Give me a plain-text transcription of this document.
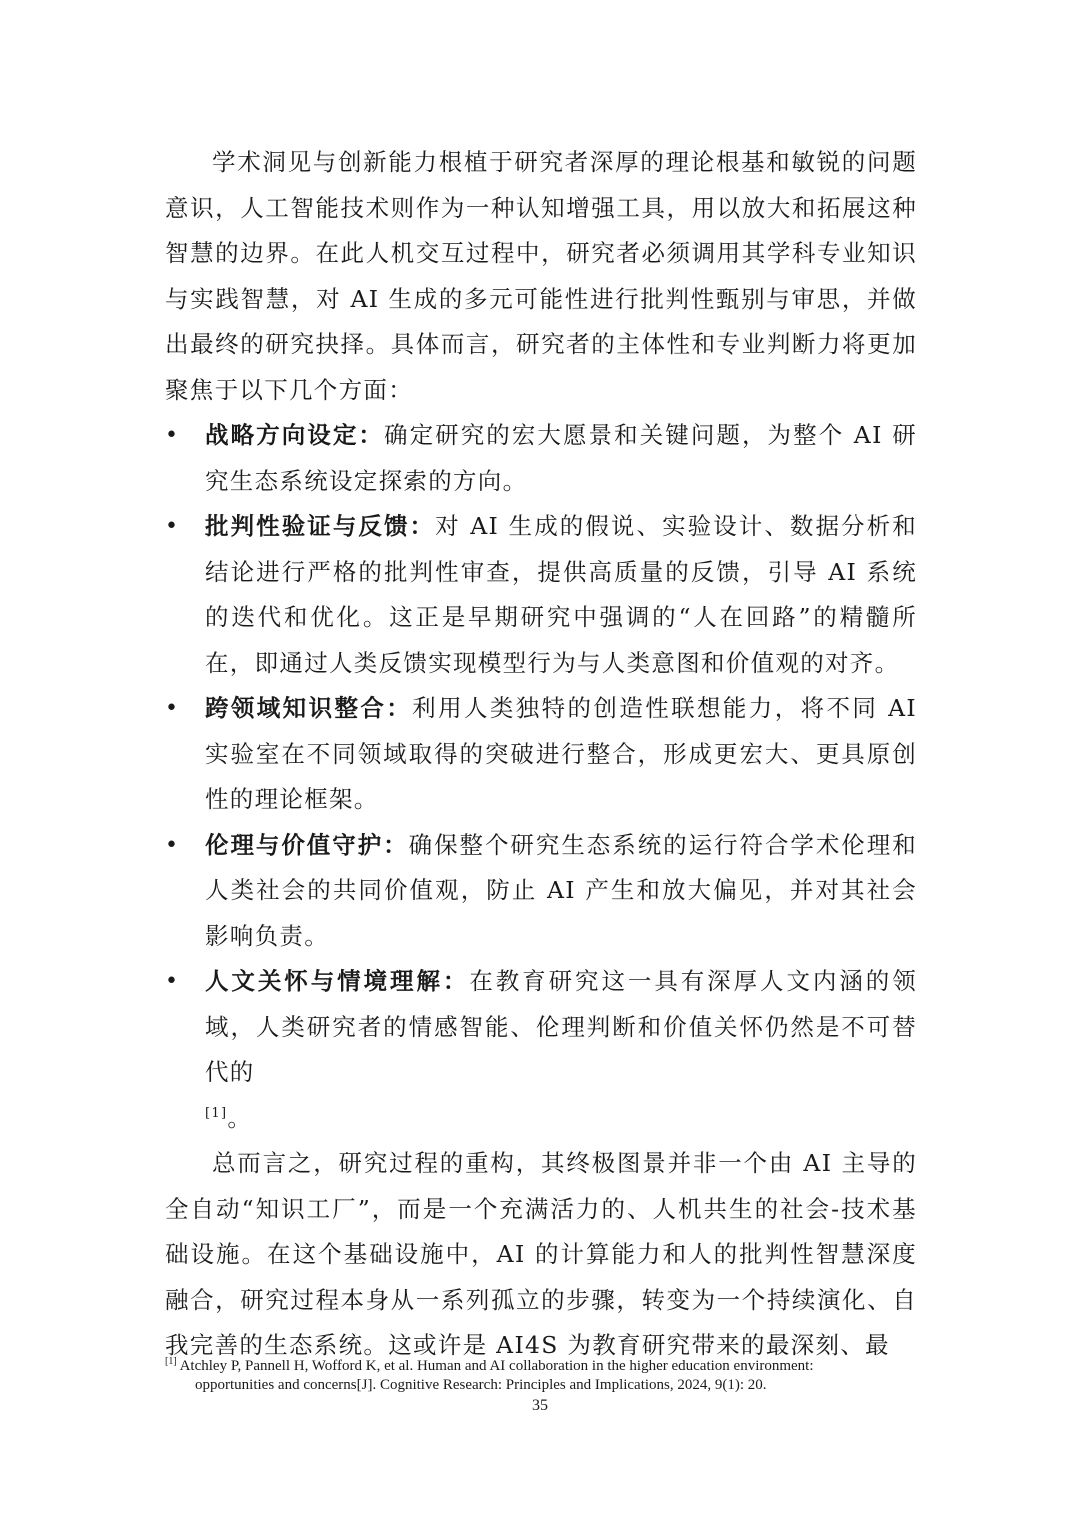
学术洞见与创新能力根植于研究者深厚的理论根基和敏锐的问题意识，人工智能技术则作为一种认知增强工具，用以放大和拓展这种智慧的边界。在此人机交互过程中，研究者必须调用其学科专业知识与实践智慧，对 AI 生成的多元可能性进行批判性甄别与审思，并做出最终的研究抉择。具体而言，研究者的主体性和专业判断力将更加聚焦于以下几个方面：

• 战略方向设定：确定研究的宏大愿景和关键问题，为整个 AI 研究生态系统设定探索的方向。
• 批判性验证与反馈：对 AI 生成的假说、实验设计、数据分析和结论进行严格的批判性审查，提供高质量的反馈，引导 AI 系统的迭代和优化。这正是早期研究中强调的“人在回路”的精髓所在，即通过人类反馈实现模型行为与人类意图和价值观的对齐。
• 跨领域知识整合：利用人类独特的创造性联想能力，将不同 AI 实验室在不同领域取得的突破进行整合，形成更宏大、更具原创性的理论框架。
• 伦理与价值守护：确保整个研究生态系统的运行符合学术伦理和人类社会的共同价值观，防止 AI 产生和放大偏见，并对其社会影响负责。
• 人文关怀与情境理解：在教育研究这一具有深厚人文内涵的领域，人类研究者的情感智能、伦理判断和价值关怀仍然是不可替代的
[1]。

总而言之，研究过程的重构，其终极图景并非一个由 AI 主导的全自动“知识工厂”，而是一个充满活力的、人机共生的社会-技术基础设施。在这个基础设施中，AI 的计算能力和人的批判性智慧深度融合，研究过程本身从一系列孤立的步骤，转变为一个持续演化、自我完善的生态系统。这或许是 AI4S 为教育研究带来的最深刻、最

[1] Atchley P, Pannell H, Wofford K, et al. Human and AI collaboration in the higher education environment:
opportunities and concerns[J]. Cognitive Research: Principles and Implications, 2024, 9(1): 20.
35
